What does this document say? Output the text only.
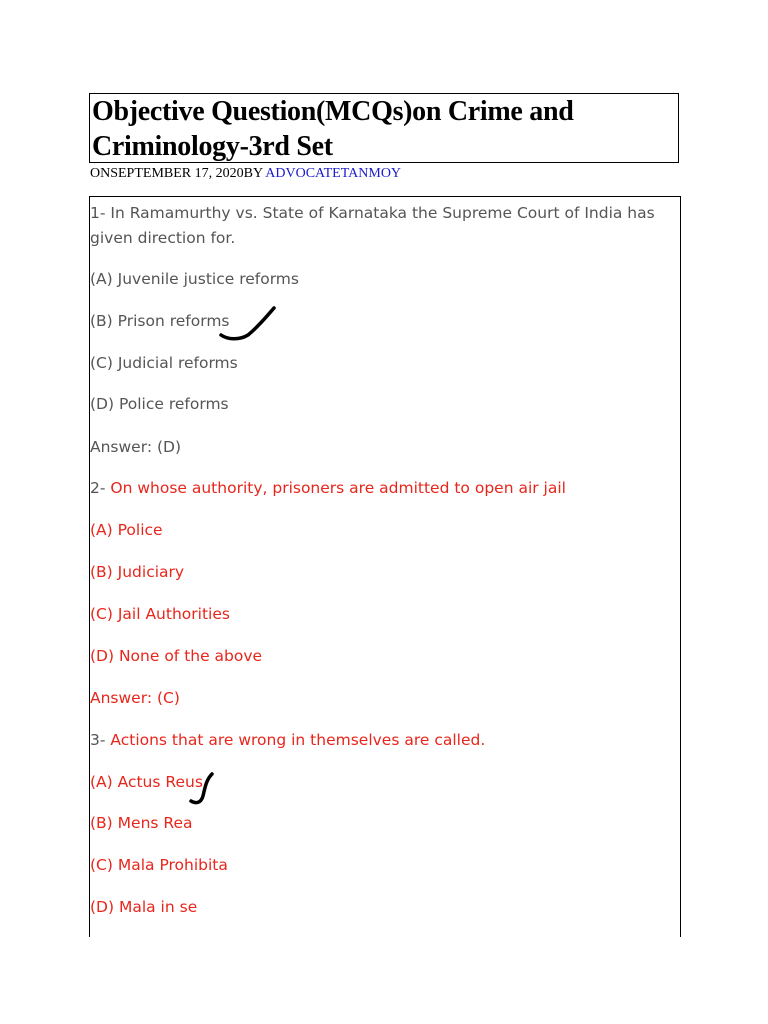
Objective Question(MCQs)on Crime and
Criminology-3rd Set
ONSEPTEMBER 17, 2020BY ADVOCATETANMOY
1- In Ramamurthy vs. State of Karnataka the Supreme Court of India has
given direction for.
(A) Juvenile justice reforms
(B) Prison reforms
(C) Judicial reforms
(D) Police reforms
Answer: (D)
2- On whose authority, prisoners are admitted to open air jail
(A) Police
(B) Judiciary
(C) Jail Authorities
(D) None of the above
Answer: (C)
3- Actions that are wrong in themselves are called.
(A) Actus Reus
(B) Mens Rea
(C) Mala Prohibita
(D) Mala in se
